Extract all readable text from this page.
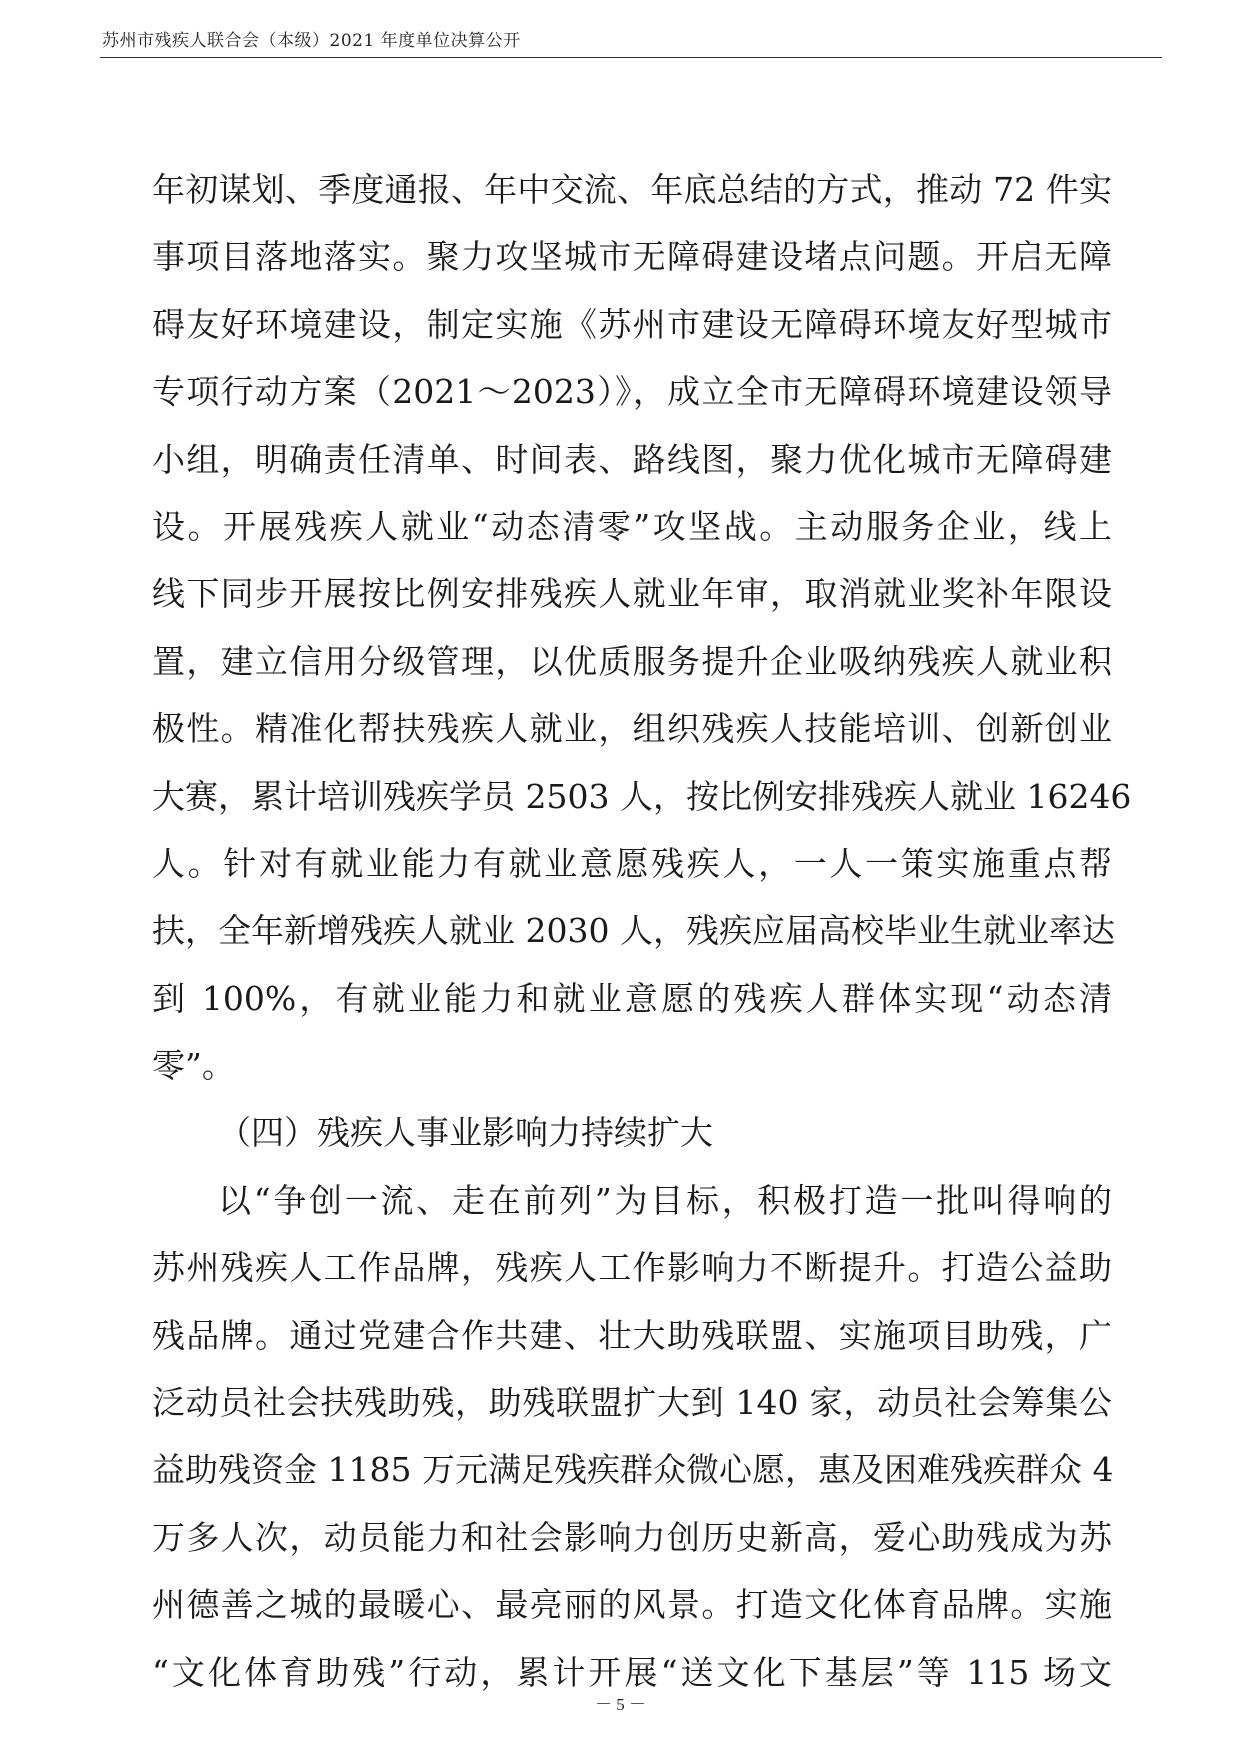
苏州市残疾人联合会（本级）2021 年度单位决算公开
年初谋划、季度通报、年中交流、年底总结的方式，推动 72 件实
事项目落地落实。聚力攻坚城市无障碍建设堵点问题。开启无障
碍友好环境建设，制定实施《苏州市建设无障碍环境友好型城市
专项行动方案（2021～2023）》，成立全市无障碍环境建设领导
小组，明确责任清单、时间表、路线图，聚力优化城市无障碍建
设。开展残疾人就业“动态清零”攻坚战。主动服务企业，线上
线下同步开展按比例安排残疾人就业年审，取消就业奖补年限设
置，建立信用分级管理，以优质服务提升企业吸纳残疾人就业积
极性。精准化帮扶残疾人就业，组织残疾人技能培训、创新创业
大赛，累计培训残疾学员 2503 人，按比例安排残疾人就业 16246
人。针对有就业能力有就业意愿残疾人，一人一策实施重点帮
扶，全年新增残疾人就业 2030 人，残疾应届高校毕业生就业率达
到 100%，有就业能力和就业意愿的残疾人群体实现“动态清
零”。
（四）残疾人事业影响力持续扩大
以“争创一流、走在前列”为目标，积极打造一批叫得响的
苏州残疾人工作品牌，残疾人工作影响力不断提升。打造公益助
残品牌。通过党建合作共建、壮大助残联盟、实施项目助残，广
泛动员社会扶残助残，助残联盟扩大到 140 家，动员社会筹集公
益助残资金 1185 万元满足残疾群众微心愿，惠及困难残疾群众 4
万多人次，动员能力和社会影响力创历史新高，爱心助残成为苏
州德善之城的最暖心、最亮丽的风景。打造文化体育品牌。实施
“文化体育助残”行动，累计开展“送文化下基层”等 115 场文
－ 5 －
